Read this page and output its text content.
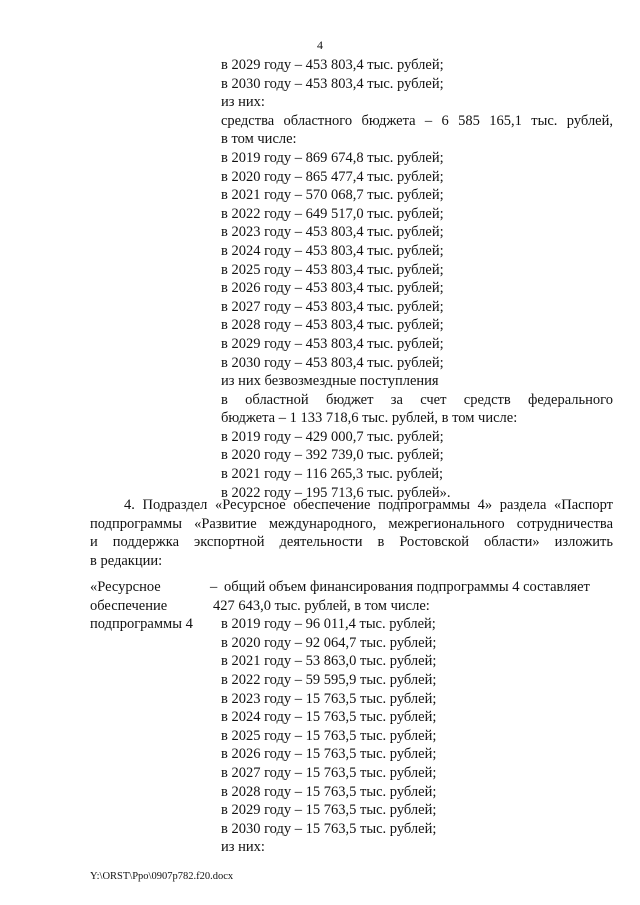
4
в 2029 году – 453 803,4 тыс. рублей;
в 2030 году – 453 803,4 тыс. рублей;
из них:
средства областного бюджета – 6 585 165,1 тыс. рублей,
в том числе:
в 2019 году – 869 674,8 тыс. рублей;
в 2020 году – 865 477,4 тыс. рублей;
в 2021 году – 570 068,7 тыс. рублей;
в 2022 году – 649 517,0 тыс. рублей;
в 2023 году – 453 803,4 тыс. рублей;
в 2024 году – 453 803,4 тыс. рублей;
в 2025 году – 453 803,4 тыс. рублей;
в 2026 году – 453 803,4 тыс. рублей;
в 2027 году – 453 803,4 тыс. рублей;
в 2028 году – 453 803,4 тыс. рублей;
в 2029 году – 453 803,4 тыс. рублей;
в 2030 году – 453 803,4 тыс. рублей;
из них безвозмездные поступления
в областной бюджет за счет средств федерального
бюджета – 1 133 718,6 тыс. рублей, в том числе:
в 2019 году – 429 000,7 тыс. рублей;
в 2020 году – 392 739,0 тыс. рублей;
в 2021 году – 116 265,3 тыс. рублей;
в 2022 году – 195 713,6 тыс. рублей».
4. Подраздел «Ресурсное обеспечение подпрограммы 4» раздела «Паспорт
подпрограммы «Развитие международного, межрегионального сотрудничества
и поддержка экспортной деятельности в Ростовской области» изложить
в редакции:
«Ресурсное
обеспечение
подпрограммы 4
– общий объем финансирования подпрограммы 4 составляет
427 643,0 тыс. рублей, в том числе:
в 2019 году – 96 011,4 тыс. рублей;
в 2020 году – 92 064,7 тыс. рублей;
в 2021 году – 53 863,0 тыс. рублей;
в 2022 году – 59 595,9 тыс. рублей;
в 2023 году – 15 763,5 тыс. рублей;
в 2024 году – 15 763,5 тыс. рублей;
в 2025 году – 15 763,5 тыс. рублей;
в 2026 году – 15 763,5 тыс. рублей;
в 2027 году – 15 763,5 тыс. рублей;
в 2028 году – 15 763,5 тыс. рублей;
в 2029 году – 15 763,5 тыс. рублей;
в 2030 году – 15 763,5 тыс. рублей;
из них:
Y:\ORST\Ppo\0907p782.f20.docx
